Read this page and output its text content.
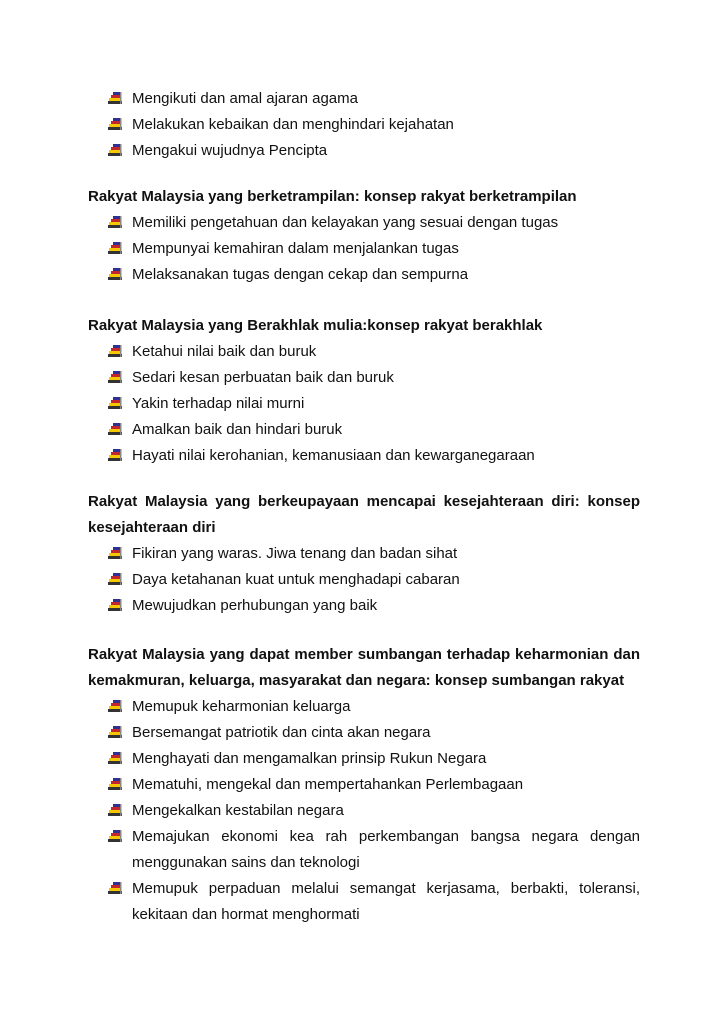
Mengikuti dan amal ajaran agama
Melakukan kebaikan dan menghindari kejahatan
Mengakui wujudnya Pencipta

Rakyat Malaysia yang berketrampilan: konsep rakyat berketrampilan

Memiliki pengetahuan dan kelayakan yang sesuai dengan tugas
Mempunyai kemahiran dalam menjalankan tugas
Melaksanakan tugas dengan cekap dan sempurna

Rakyat Malaysia yang Berakhlak mulia:konsep rakyat berakhlak

Ketahui nilai baik dan buruk
Sedari kesan perbuatan baik dan buruk
Yakin terhadap nilai murni
Amalkan baik dan hindari buruk
Hayati nilai kerohanian, kemanusiaan dan kewarganegaraan

Rakyat Malaysia yang berkeupayaan mencapai kesejahteraan diri: konsep kesejahteraan diri

Fikiran yang waras. Jiwa tenang dan badan sihat
Daya ketahanan kuat untuk menghadapi cabaran
Mewujudkan perhubungan yang baik

Rakyat Malaysia yang dapat member sumbangan terhadap keharmonian dan kemakmuran, keluarga, masyarakat dan negara: konsep sumbangan rakyat

Memupuk keharmonian keluarga
Bersemangat patriotik dan cinta akan negara
Menghayati dan mengamalkan prinsip Rukun Negara
Mematuhi, mengekal dan mempertahankan Perlembagaan
Mengekalkan kestabilan negara
Memajukan ekonomi kea rah perkembangan bangsa negara dengan menggunakan sains dan teknologi
Memupuk perpaduan melalui semangat kerjasama, berbakti, toleransi, kekitaan dan hormat menghormati
